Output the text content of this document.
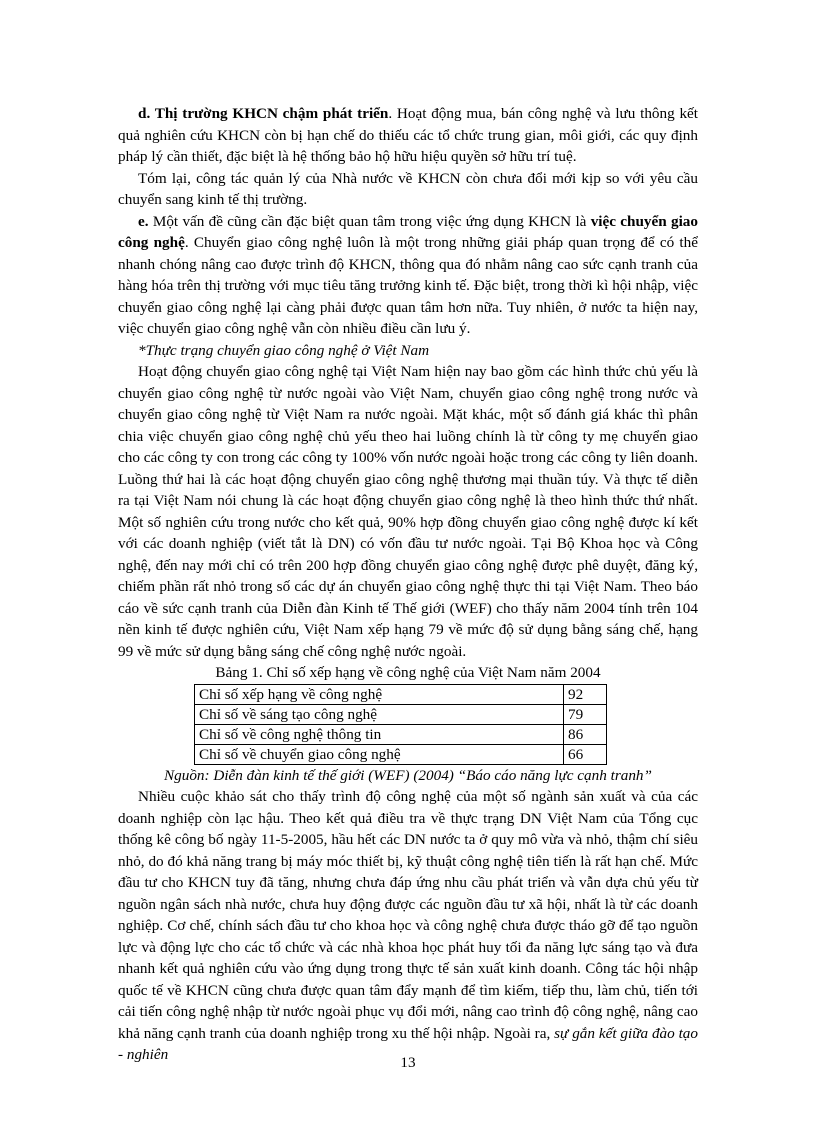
d. Thị trường KHCN chậm phát triển. Hoạt động mua, bán công nghệ và lưu thông kết quả nghiên cứu KHCN còn bị hạn chế do thiếu các tổ chức trung gian, môi giới, các quy định pháp lý cần thiết, đặc biệt là hệ thống bảo hộ hữu hiệu quyền sở hữu trí tuệ.

Tóm lại, công tác quản lý của Nhà nước về KHCN còn chưa đổi mới kịp so với yêu cầu chuyển sang kinh tế thị trường.

e. Một vấn đề cũng cần đặc biệt quan tâm trong việc ứng dụng KHCN là việc chuyển giao công nghệ. Chuyển giao công nghệ luôn là một trong những giải pháp quan trọng để có thể nhanh chóng nâng cao được trình độ KHCN, thông qua đó nhằm nâng cao sức cạnh tranh của hàng hóa trên thị trường với mục tiêu tăng trưởng kinh tế. Đặc biệt, trong thời kì hội nhập, việc chuyển giao công nghệ lại càng phải được quan tâm hơn nữa. Tuy nhiên, ở nước ta hiện nay, việc chuyển giao công nghệ vẫn còn nhiều điều cần lưu ý.

*Thực trạng chuyển giao công nghệ ở Việt Nam

Hoạt động chuyển giao công nghệ tại Việt Nam hiện nay bao gồm các hình thức chủ yếu là chuyển giao công nghệ từ nước ngoài vào Việt Nam, chuyển giao công nghệ trong nước và chuyển giao công nghệ từ Việt Nam ra nước ngoài. Mặt khác, một số đánh giá khác thì phân chia việc chuyển giao công nghệ chủ yếu theo hai luồng chính là từ công ty mẹ chuyển giao cho các công ty con trong các công ty 100% vốn nước ngoài hoặc trong các công ty liên doanh. Luồng thứ hai là các hoạt động chuyển giao công nghệ thương mại thuần túy. Và thực tế diễn ra tại Việt Nam nói chung là các hoạt động chuyển giao công nghệ là theo hình thức thứ nhất. Một số nghiên cứu trong nước cho kết quả, 90% hợp đồng chuyển giao công nghệ được kí kết với các doanh nghiệp (viết tắt là DN) có vốn đầu tư nước ngoài. Tại Bộ Khoa học và Công nghệ, đến nay mới chỉ có trên 200 hợp đồng chuyển giao công nghệ được phê duyệt, đăng ký, chiếm phần rất nhỏ trong số các dự án chuyển giao công nghệ thực thi tại Việt Nam. Theo báo cáo về sức cạnh tranh của Diễn đàn Kinh tế Thế giới (WEF) cho thấy năm 2004 tính trên 104 nền kinh tế được nghiên cứu, Việt Nam xếp hạng 79 về mức độ sử dụng bằng sáng chế, hạng 99 về mức sử dụng bằng sáng chế công nghệ nước ngoài.

Bảng 1. Chỉ số xếp hạng về công nghệ của Việt Nam năm 2004

Chỉ số xếp hạng về công nghệ	92
Chỉ số về sáng tạo công nghệ	79
Chỉ số về công nghệ thông tin	86
Chỉ số về chuyển giao công nghệ	66

Nguồn: Diễn đàn kinh tế thế giới (WEF) (2004) “Báo cáo năng lực cạnh tranh”

Nhiều cuộc khảo sát cho thấy trình độ công nghệ của một số ngành sản xuất và của các doanh nghiệp còn lạc hậu. Theo kết quả điều tra về thực trạng DN Việt Nam của Tổng cục thống kê công bố ngày 11-5-2005, hầu hết các DN nước ta ở quy mô vừa và nhỏ, thậm chí siêu nhỏ, do đó khả năng trang bị máy móc thiết bị, kỹ thuật công nghệ tiên tiến là rất hạn chế. Mức đầu tư cho KHCN tuy đã tăng, nhưng chưa đáp ứng nhu cầu phát triển và vẫn dựa chủ yếu từ nguồn ngân sách nhà nước, chưa huy động được các nguồn đầu tư xã hội, nhất là từ các doanh nghiệp. Cơ chế, chính sách đầu tư cho khoa học và công nghệ chưa được tháo gỡ để tạo nguồn lực và động lực cho các tổ chức và các nhà khoa học phát huy tối đa năng lực sáng tạo và đưa nhanh kết quả nghiên cứu vào ứng dụng trong thực tế sản xuất kinh doanh. Công tác hội nhập quốc tế về KHCN cũng chưa được quan tâm đẩy mạnh để tìm kiếm, tiếp thu, làm chủ, tiến tới cải tiến công nghệ nhập từ nước ngoài phục vụ đổi mới, nâng cao trình độ công nghệ, nâng cao khả năng cạnh tranh của doanh nghiệp trong xu thế hội nhập. Ngoài ra, sự gắn kết giữa đào tạo - nghiên	13
